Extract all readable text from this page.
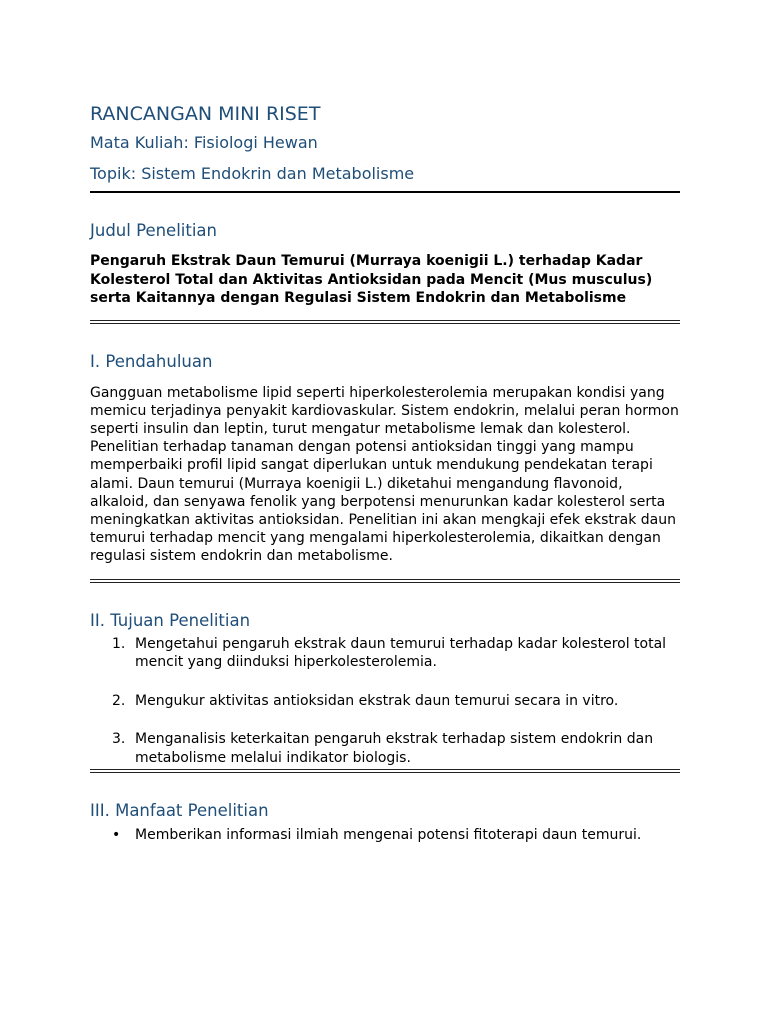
RANCANGAN MINI RISET
Mata Kuliah: Fisiologi Hewan
Topik: Sistem Endokrin dan Metabolisme
Judul Penelitian

Pengaruh Ekstrak Daun Temurui (Murraya koenigii L.) terhadap Kadar Kolesterol Total dan Aktivitas Antioksidan pada Mencit (Mus musculus) serta Kaitannya dengan Regulasi Sistem Endokrin dan Metabolisme

I. Pendahuluan

Gangguan metabolisme lipid seperti hiperkolesterolemia merupakan kondisi yang memicu terjadinya penyakit kardiovaskular. Sistem endokrin, melalui peran hormon seperti insulin dan leptin, turut mengatur metabolisme lemak dan kolesterol. Penelitian terhadap tanaman dengan potensi antioksidan tinggi yang mampu memperbaiki profil lipid sangat diperlukan untuk mendukung pendekatan terapi alami. Daun temurui (Murraya koenigii L.) diketahui mengandung flavonoid, alkaloid, dan senyawa fenolik yang berpotensi menurunkan kadar kolesterol serta meningkatkan aktivitas antioksidan. Penelitian ini akan mengkaji efek ekstrak daun temurui terhadap mencit yang mengalami hiperkolesterolemia, dikaitkan dengan regulasi sistem endokrin dan metabolisme.

II. Tujuan Penelitian
1. Mengetahui pengaruh ekstrak daun temurui terhadap kadar kolesterol total mencit yang diinduksi hiperkolesterolemia.
2. Mengukur aktivitas antioksidan ekstrak daun temurui secara in vitro.
3. Menganalisis keterkaitan pengaruh ekstrak terhadap sistem endokrin dan metabolisme melalui indikator biologis.
III. Manfaat Penelitian
• Memberikan informasi ilmiah mengenai potensi fitoterapi daun temurui.
